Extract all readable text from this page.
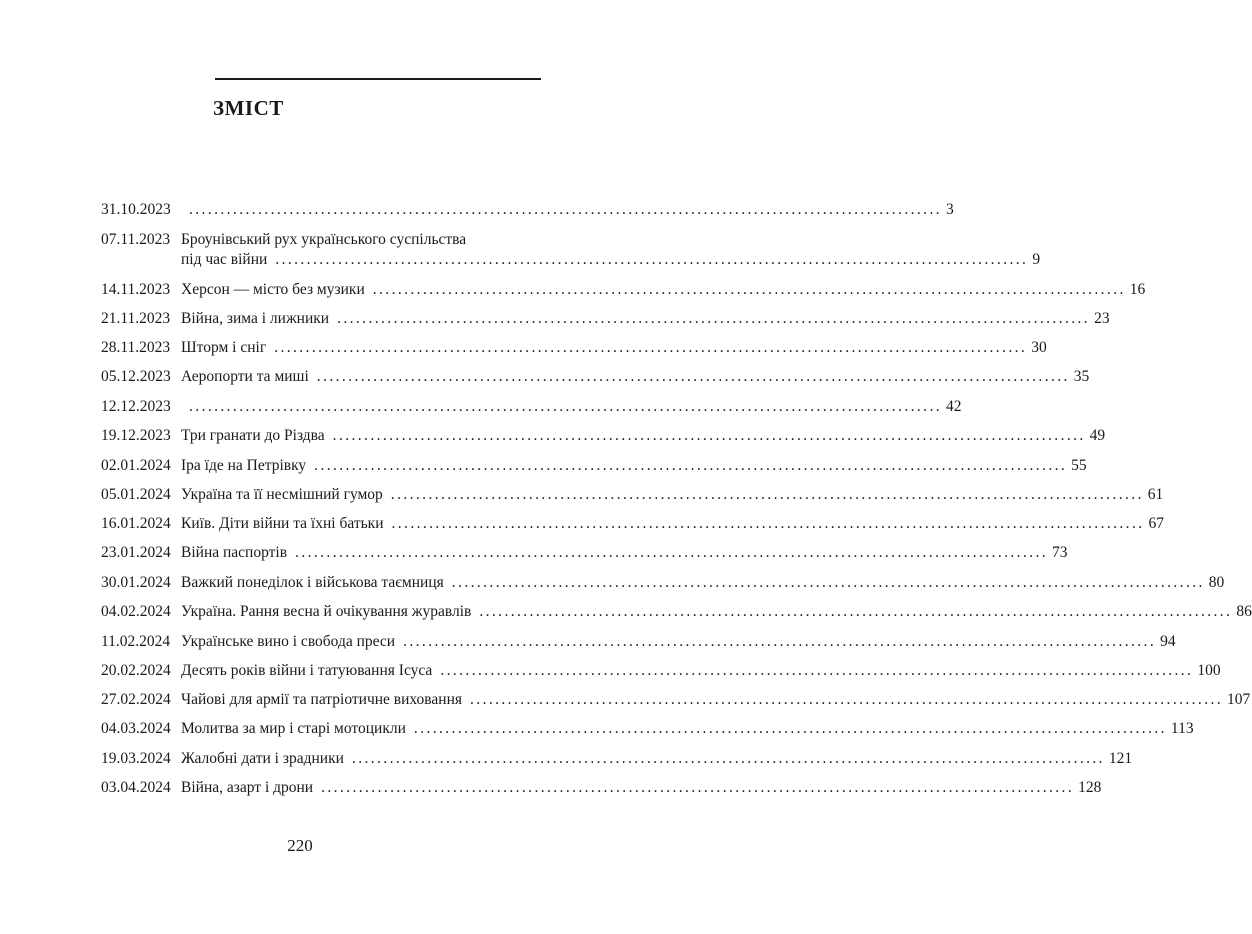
ЗМІСТ
31.10.2023	........................................................................................................................ 3
07.11.2023 Броунівський рух українського суспільства
під час війни ........................................................................................................................ 9
14.11.2023 Херсон — місто без музики ........................................................................................................................ 16
21.11.2023 Війна, зима і лижники ........................................................................................................................ 23
28.11.2023 Шторм і сніг ........................................................................................................................ 30
05.12.2023 Аеропорти та миші ........................................................................................................................ 35
12.12.2023	........................................................................................................................ 42
19.12.2023 Три гранати до Різдва ........................................................................................................................ 49
02.01.2024 Іра їде на Петрівку ........................................................................................................................ 55
05.01.2024 Україна та її несмішний гумор ........................................................................................................................ 61
16.01.2024 Київ. Діти війни та їхні батьки ........................................................................................................................ 67
23.01.2024 Війна паспортів ........................................................................................................................ 73
30.01.2024 Важкий понеділок і військова таємниця ........................................................................................................................ 80
04.02.2024 Україна. Рання весна й очікування журавлів ........................................................................................................................ 86
11.02.2024 Українське вино і свобода преси ........................................................................................................................ 94
20.02.2024 Десять років війни і татуювання Ісуса ........................................................................................................................ 100
27.02.2024 Чайові для армії та патріотичне виховання ........................................................................................................................ 107
04.03.2024 Молитва за мир і старі мотоцикли ........................................................................................................................ 113
19.03.2024 Жалобні дати і зрадники ........................................................................................................................ 121
03.04.2024 Війна, азарт і дрони ........................................................................................................................ 128
220
